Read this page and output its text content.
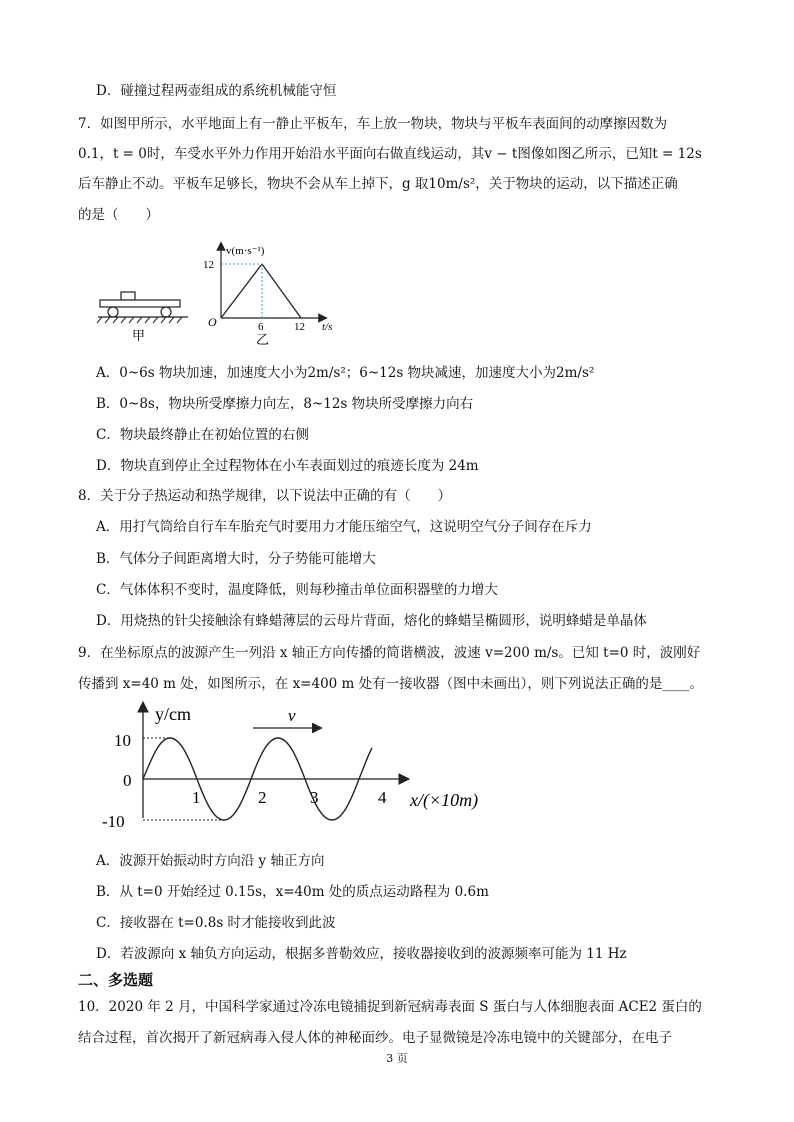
D．碰撞过程两壶组成的系统机械能守恒
7．如图甲所示，水平地面上有一静止平板车，车上放一物块，物块与平板车表面间的动摩擦因数为
0.1，t = 0时，车受水平外力作用开始沿水平面向右做直线运动，其v − t图像如图乙所示，已知t = 12s
后车静止不动。平板车足够长，物块不会从车上掉下，g 取10m/s²，关于物块的运动，以下描述正确
的是（　　）
甲
v(m·s⁻¹)
12
O	6	12 t/s
乙
A．0~6s 物块加速，加速度大小为2m/s²；6~12s 物块减速，加速度大小为2m/s²
B．0~8s，物块所受摩擦力向左，8~12s 物块所受摩擦力向右
C．物块最终静止在初始位置的右侧
D．物块直到停止全过程物体在小车表面划过的痕迹长度为 24m
8．关于分子热运动和热学规律，以下说法中正确的有（　　）
A．用打气筒给自行车车胎充气时要用力才能压缩空气，这说明空气分子间存在斥力
B．气体分子间距离增大时，分子势能可能增大
C．气体体积不变时，温度降低，则每秒撞击单位面积器壁的力增大
D．用烧热的针尖接触涂有蜂蜡薄层的云母片背面，熔化的蜂蜡呈椭圆形，说明蜂蜡是单晶体
9．在坐标原点的波源产生一列沿 x 轴正方向传播的简谐横波，波速 v=200 m/s。已知 t=0 时，波刚好
传播到 x=40 m 处，如图所示，在 x=400 m 处有一接收器（图中未画出），则下列说法正确的是____。
v
y/cm
10
0
-10
1	2	3	4 x/(×10m)
A．波源开始振动时方向沿 y 轴正方向
B．从 t=0 开始经过 0.15s，x=40m 处的质点运动路程为 0.6m
C．接收器在 t=0.8s 时才能接收到此波
D．若波源向 x 轴负方向运动，根据多普勒效应，接收器接收到的波源频率可能为 11 Hz
二、多选题
10．2020 年 2 月，中国科学家通过冷冻电镜捕捉到新冠病毒表面 S 蛋白与人体细胞表面 ACE2 蛋白的
结合过程，首次揭开了新冠病毒入侵人体的神秘面纱。电子显微镜是冷冻电镜中的关键部分，在电子
3 页
